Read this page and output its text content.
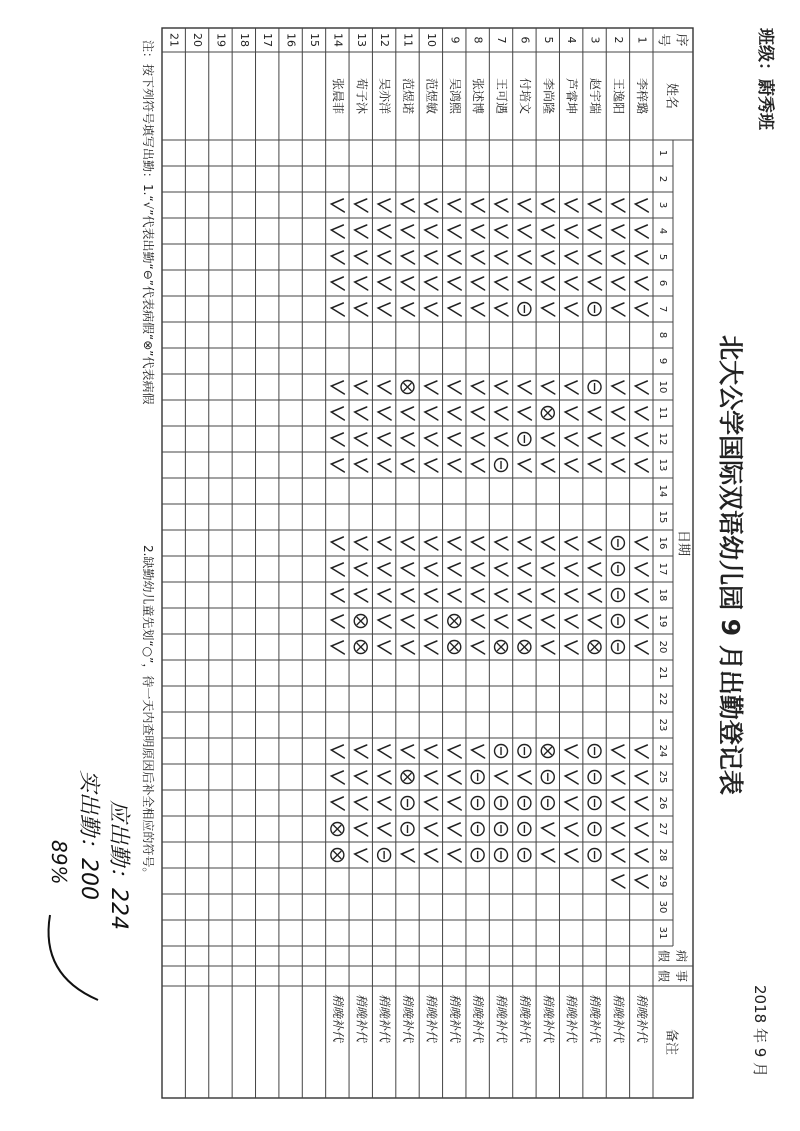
北大公学国际双语幼儿园 9 月出勤登记表
班级：蔚秀班
2018 年 9 月
序
号
姓名
日期
病
假
事
假
备注
1
2
3
4
5
6
7
8
9
10
11
12
13
14
15
16
17
18
19
20
21
22
23
24
25
26
27
28
29
30
31
1
李梓璐
稍晚补代
2
王逸阳
稍晚补代
3
赵宇瑞
稍晚补代
4
芦睿坤
稍晚补代
5
李尚隆
稍晚补代
6
付培文
稍晚补代
7
王可遇
稍晚补代
8
张述博
稍晚补代
9
吴鸿熙
稍晚补代
10
范煜敏
稍晚补代
11
范煜诺
稍晚补代
12
吴亦洋
稍晚补代
13
荀子沐
稍晚补代
14
张晨菲
稍晚补代
15
16
17
18
19
20
21
注：按下列符号填写出勤：1.“√”代表出勤“⊖”代表病假“⊗”代表病假
2.缺勤幼儿童先划“○”，待一天内查明原因后补全相应的符号。
应出勤：224
实出勤：200
89%
